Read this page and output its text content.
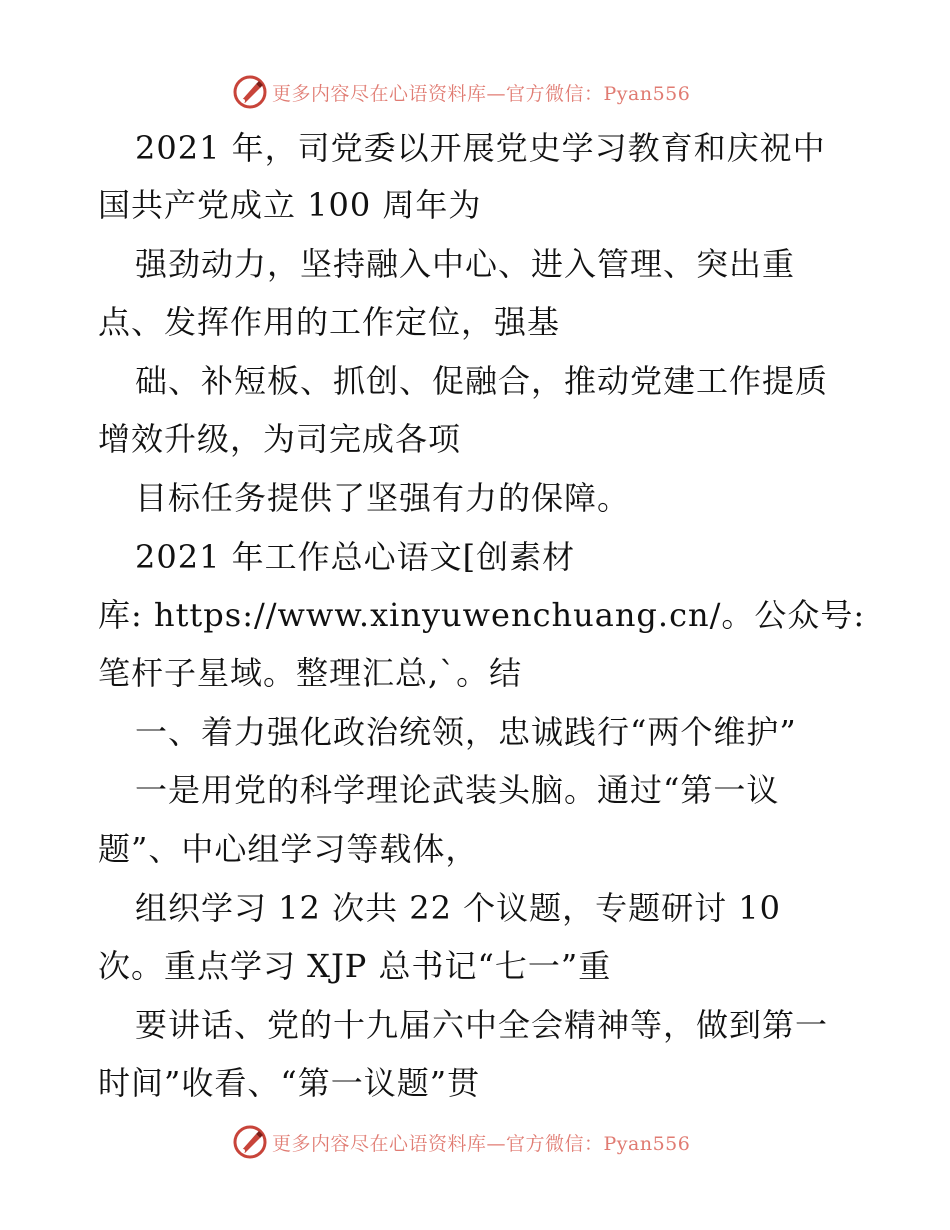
更多内容尽在心语资料库—官方微信：Pyan556
2021 年，司党委以开展党史学习教育和庆祝中
国共产党成立 100 周年为
强劲动力，坚持融入中心、进入管理、突出重
点、发挥作用的工作定位，强基
础、补短板、抓创、促融合，推动党建工作提质
增效升级，为司完成各项
目标任务提供了坚强有力的保障。
2021 年工作总心语文[创素材
库: https://www.xinyuwenchuang.cn/。公众号:
笔杆子星域。整理汇总,`。结
一、着力强化政治统领，忠诚践行“两个维护”
一是用党的科学理论武装头脑。通过“第一议
题”、中心组学习等载体，
组织学习 12 次共 22 个议题，专题研讨 10
次。重点学习 XJP 总书记“七一”重
要讲话、党的十九届六中全会精神等，做到第一
时间”收看、“第一议题”贯
更多内容尽在心语资料库—官方微信：Pyan556
